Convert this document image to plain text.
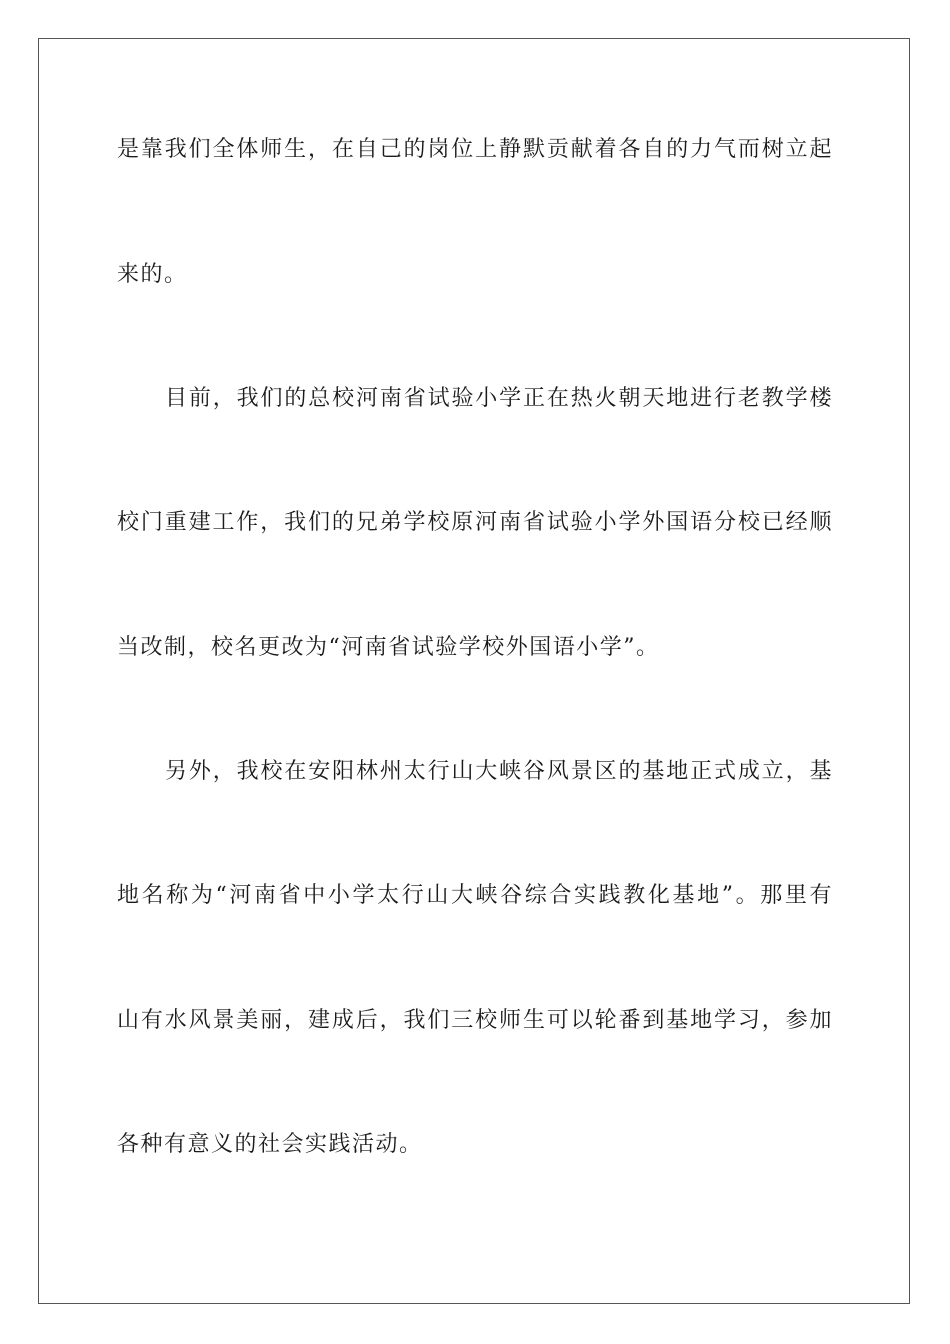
是靠我们全体师生，在自己的岗位上静默贡献着各自的力气而树立起
来的。
目前，我们的总校河南省试验小学正在热火朝天地进行老教学楼
校门重建工作，我们的兄弟学校原河南省试验小学外国语分校已经顺
当改制，校名更改为“河南省试验学校外国语小学”。
另外，我校在安阳林州太行山大峡谷风景区的基地正式成立，基
地名称为“河南省中小学太行山大峡谷综合实践教化基地”。那里有
山有水风景美丽，建成后，我们三校师生可以轮番到基地学习，参加
各种有意义的社会实践活动。
